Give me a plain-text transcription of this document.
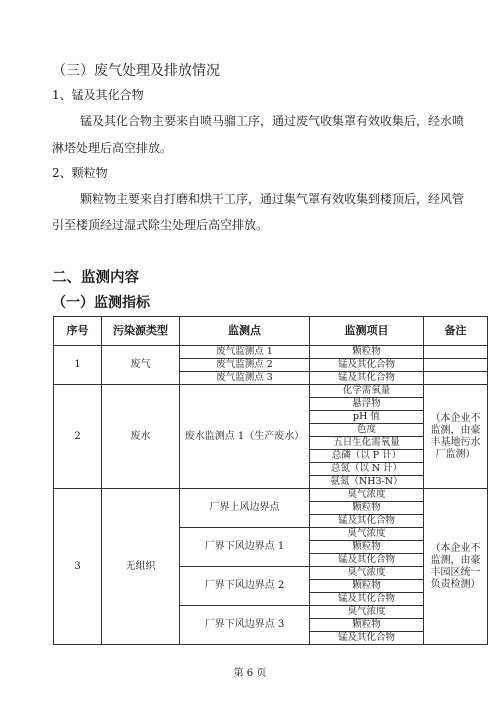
（三）废气处理及排放情况
1、锰及其化合物
锰及其化合物主要来自喷马骝工序，通过废气收集罩有效收集后，经水喷
淋塔处理后高空排放。
2、颗粒物
颗粒物主要来自打磨和烘干工序，通过集气罩有效收集到楼顶后，经风管
引至楼顶经过湿式除尘处理后高空排放。
二、监测内容
（一）监测指标
序号	污染源类型	监测点	监测项目	备注
1	废气	废气监测点 1	颗粒物	
		废气监测点 2	锰及其化合物	
		废气监测点 3	锰及其化合物	
2	废水	废水监测点 1（生产废水）	化学需氧量	（本企业不监测，由豪丰基地污水厂监测）
			悬浮物	
			pH 值	
			色度	
			五日生化需氧量	
			总磷（以 P 计）	
			总氮（以 N 计）	
			氨氮（NH3-N）	
3	无组织	厂界上风边界点	臭气浓度	（本企业不监测，由豪丰园区统一负责检测）
			颗粒物	
			锰及其化合物	
		厂界下风边界点 1	臭气浓度	
			颗粒物	
			锰及其化合物	
		厂界下风边界点 2	臭气浓度	
			颗粒物	
			锰及其化合物	
		厂界下风边界点 3	臭气浓度	
			颗粒物	
			锰及其化合物	
第 6 页
